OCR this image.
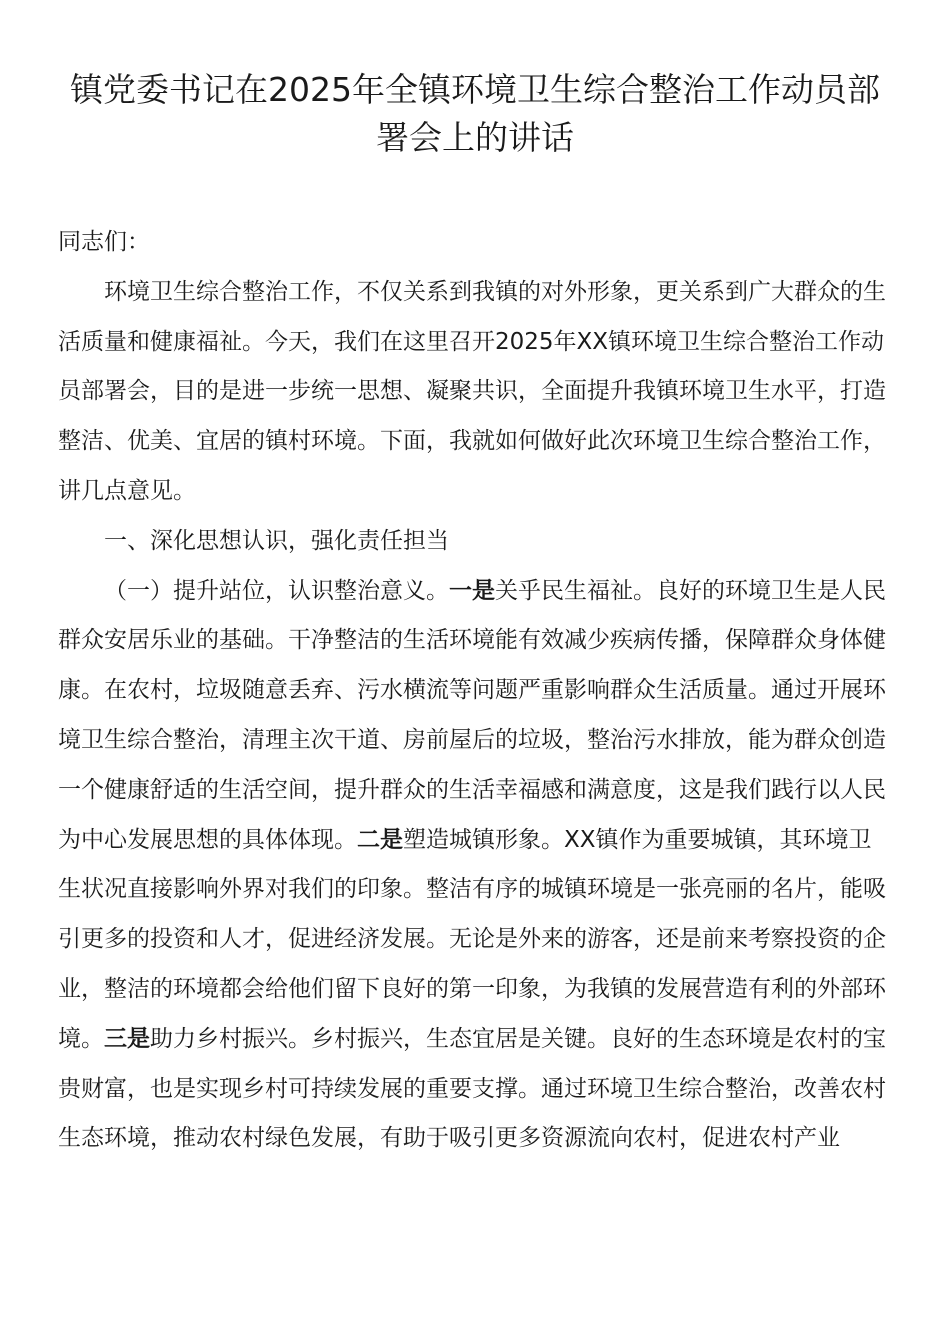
镇党委书记在2025年全镇环境卫生综合整治工作动员部署会上的讲话

同志们：

环境卫生综合整治工作，不仅关系到我镇的对外形象，更关系到广大群众的生活质量和健康福祉。今天，我们在这里召开2025年XX镇环境卫生综合整治工作动员部署会，目的是进一步统一思想、凝聚共识，全面提升我镇环境卫生水平，打造整洁、优美、宜居的镇村环境。下面，我就如何做好此次环境卫生综合整治工作，讲几点意见。

一、深化思想认识，强化责任担当

（一）提升站位，认识整治意义。一是关乎民生福祉。良好的环境卫生是人民群众安居乐业的基础。干净整洁的生活环境能有效减少疾病传播，保障群众身体健康。在农村，垃圾随意丢弃、污水横流等问题严重影响群众生活质量。通过开展环境卫生综合整治，清理主次干道、房前屋后的垃圾，整治污水排放，能为群众创造一个健康舒适的生活空间，提升群众的生活幸福感和满意度，这是我们践行以人民为中心发展思想的具体体现。二是塑造城镇形象。XX镇作为重要城镇，其环境卫生状况直接影响外界对我们的印象。整洁有序的城镇环境是一张亮丽的名片，能吸引更多的投资和人才，促进经济发展。无论是外来的游客，还是前来考察投资的企业，整洁的环境都会给他们留下良好的第一印象，为我镇的发展营造有利的外部环境。三是助力乡村振兴。乡村振兴，生态宜居是关键。良好的生态环境是农村的宝贵财富，也是实现乡村可持续发展的重要支撑。通过环境卫生综合整治，改善农村生态环境，推动农村绿色发展，有助于吸引更多资源流向农村，促进农村产业
